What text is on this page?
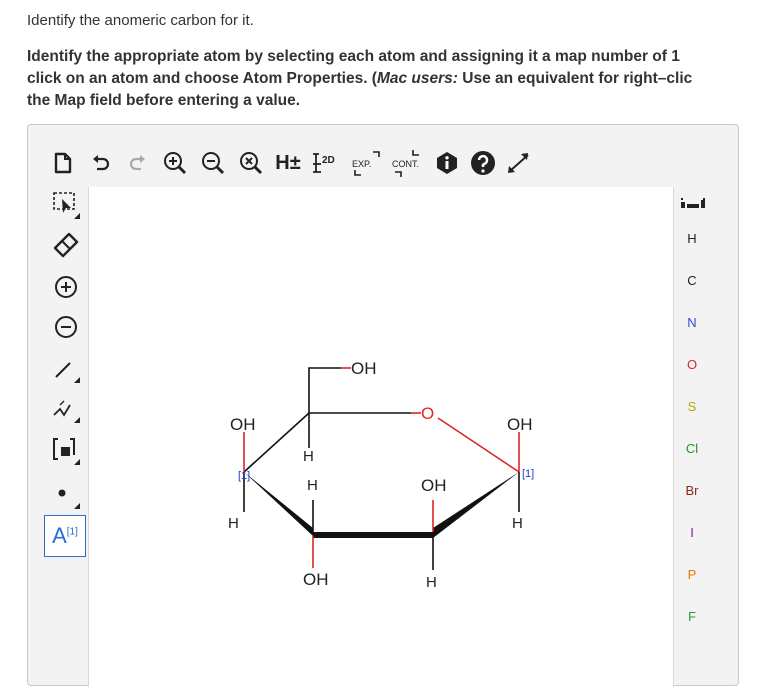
Identify the anomeric carbon for it.
Identify the appropriate atom by selecting each atom and assigning it a map number of 1
click on an atom and choose Atom Properties. (Mac users: Use an equivalent for right–clic
the Map field before entering a value.
H±	2D EXP. CONT.
A[1]
OH
O
OH	OH
H
H
H	H
OH
H
OH
[1]	[1]
H
C
N
O
S
Cl
Br
I
P
F
